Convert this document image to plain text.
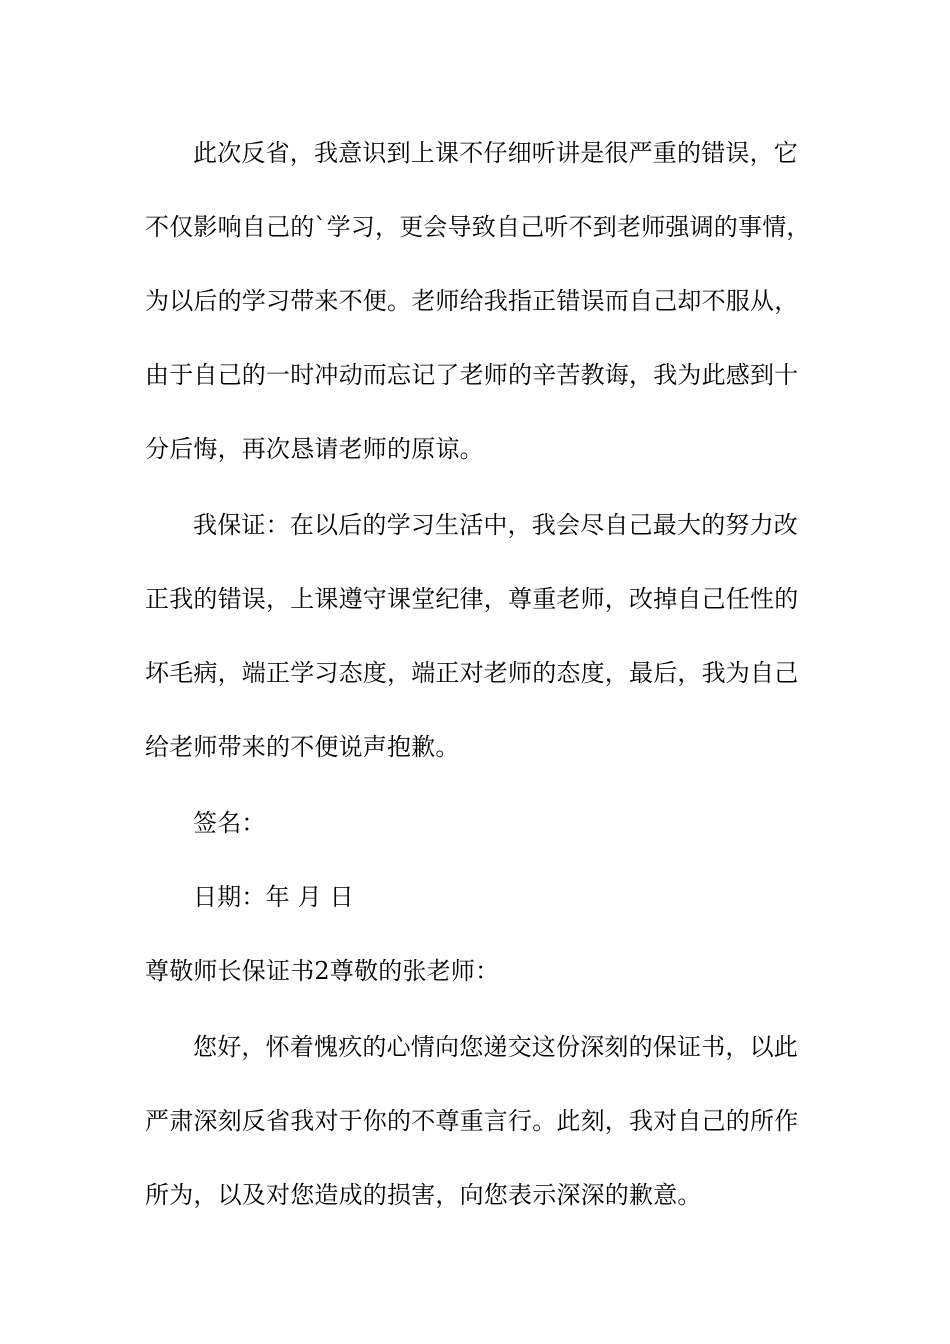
此次反省，我意识到上课不仔细听讲是很严重的错误，它
不仅影响自己的`学习，更会导致自己听不到老师强调的事情，
为以后的学习带来不便。老师给我指正错误而自己却不服从，
由于自己的一时冲动而忘记了老师的辛苦教诲，我为此感到十
分后悔，再次恳请老师的原谅。
我保证：在以后的学习生活中，我会尽自己最大的努力改
正我的错误，上课遵守课堂纪律，尊重老师，改掉自己任性的
坏毛病，端正学习态度，端正对老师的态度，最后，我为自己
给老师带来的不便说声抱歉。
签名：
日期：年 月 日
尊敬师长保证书2尊敬的张老师：
您好，怀着愧疚的心情向您递交这份深刻的保证书，以此
严肃深刻反省我对于你的不尊重言行。此刻，我对自己的所作
所为，以及对您造成的损害，向您表示深深的歉意。
